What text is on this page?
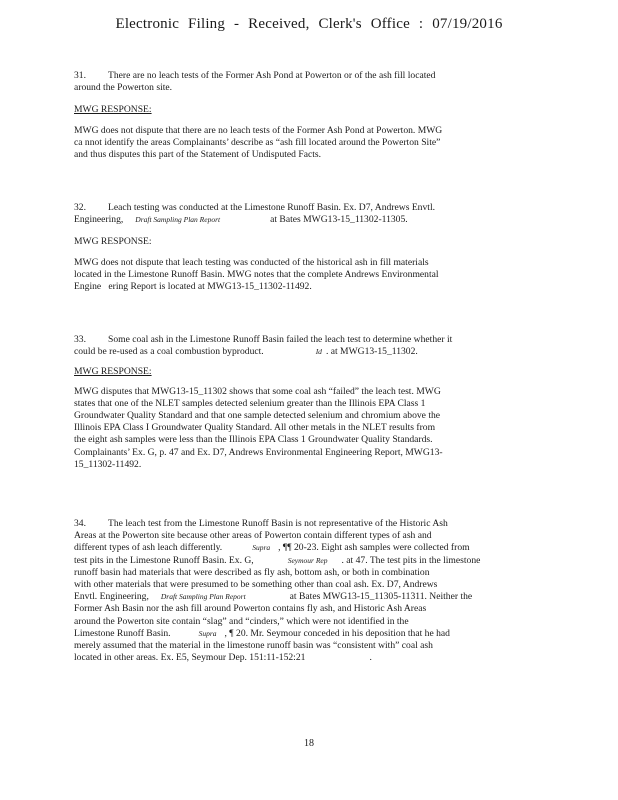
Electronic Filing - Received, Clerk's Office : 07/19/2016
31. There are no leach tests of the Former Ash Pond at Powerton or of the ash fill located
around the Powerton site.
MWG RESPONSE:
MWG does not dispute that there are no leach tests of the Former Ash Pond at Powerton. MWG
ca nnot identify the areas Complainants’ describe as “ash fill located around the Powerton Site”
and thus disputes this part of the Statement of Undisputed Facts.
32. Leach testing was conducted at the Limestone Runoff Basin. Ex. D7, Andrews Envtl.
Engineering, Draft Sampling Plan Report	at Bates MWG13-15_11302-11305.
MWG RESPONSE:
MWG does not dispute that leach testing was conducted of the historical ash in fill materials
located in the Limestone Runoff Basin. MWG notes that the complete Andrews Environmental
Engine   ering Report is located at MWG13-15_11302-11492.
33. Some coal ash in the Limestone Runoff Basin failed the leach test to determine whether it
could be re-used as a coal combustion byproduct.	Id . at MWG13-15_11302.
MWG RESPONSE:
MWG disputes that MWG13-15_11302 shows that some coal ash “failed” the leach test. MWG
states that one of the NLET samples detected selenium greater than the Illinois EPA Class 1
Groundwater Quality Standard and that one sample detected selenium and chromium above the
Illinois EPA Class I Groundwater Quality Standard. All other metals in the NLET results from
the eight ash samples were less than the Illinois EPA Class 1 Groundwater Quality Standards.
Complainants’ Ex. G, p. 47 and Ex. D7, Andrews Environmental Engineering Report, MWG13-
15_11302-11492.
34. The leach test from the Limestone Runoff Basin is not representative of the Historic Ash
Areas at the Powerton site because other areas of Powerton contain different types of ash and
different types of ash leach differently.	Supra , ¶¶ 20-23. Eight ash samples were collected from
test pits in the Limestone Runoff Basin. Ex. G,	Seymour Rep . at 47. The test pits in the limestone
runoff basin had materials that were described as fly ash, bottom ash, or both in combination
with other materials that were presumed to be something other than coal ash. Ex. D7, Andrews
Envtl. Engineering, Draft Sampling Plan Report	at Bates MWG13-15_11305-11311. Neither the
Former Ash Basin nor the ash fill around Powerton contains fly ash, and Historic Ash Areas
around the Powerton site contain “slag” and “cinders,” which were not identified in the
Limestone Runoff Basin.	Supra , ¶ 20. Mr. Seymour conceded in his deposition that he had
merely assumed that the material in the limestone runoff basin was “consistent with” coal ash
located in other areas. Ex. E5, Seymour Dep. 151:11-152:21	.
18
